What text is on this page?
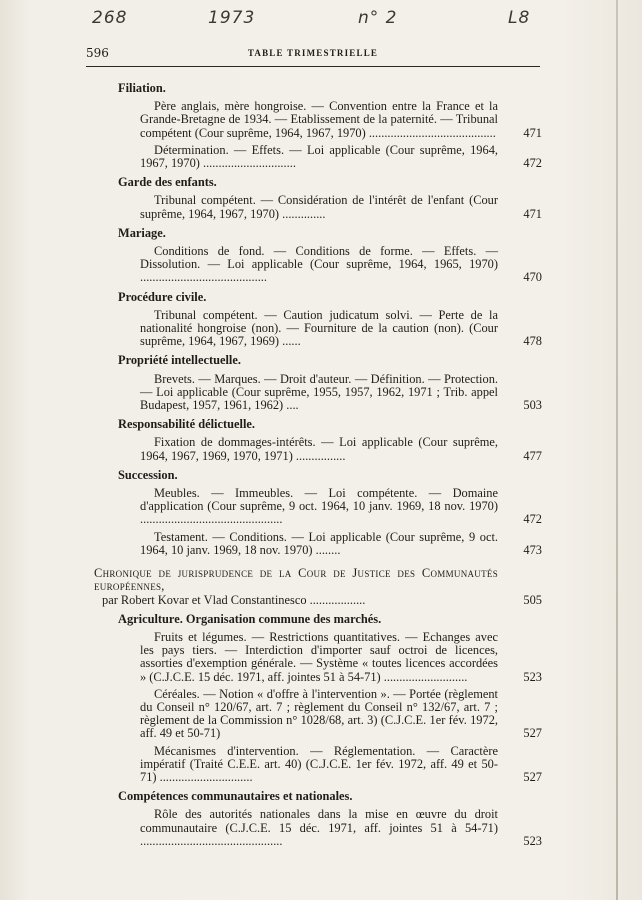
268	1973	n° 2	L8
596	TABLE TRIMESTRIELLE
Filiation.
Père anglais, mère hongroise. — Convention entre la France et la Grande-Bretagne de 1934. — Etablissement de la paternité. — Tribunal compétent (Cour suprême, 1964, 1967, 1970) .........................................	471
Détermination. — Effets. — Loi applicable (Cour suprême, 1964, 1967, 1970) ..............................	472
Garde des enfants.
Tribunal compétent. — Considération de l'intérêt de l'enfant (Cour suprême, 1964, 1967, 1970) ..............	471
Mariage.
Conditions de fond. — Conditions de forme. — Effets. — Dissolution. — Loi applicable (Cour suprême, 1964, 1965, 1970) .........................................	470
Procédure civile.
Tribunal compétent. — Caution judicatum solvi. — Perte de la nationalité hongroise (non). — Fourniture de la caution (non). (Cour suprême, 1964, 1967, 1969) ......	478
Propriété intellectuelle.
Brevets. — Marques. — Droit d'auteur. — Définition. — Protection. — Loi applicable (Cour suprême, 1955, 1957, 1962, 1971 ; Trib. appel Budapest, 1957, 1961, 1962) ....	503
Responsabilité délictuelle.
Fixation de dommages-intérêts. — Loi applicable (Cour suprême, 1964, 1967, 1969, 1970, 1971) ................	477
Succession.
Meubles. — Immeubles. — Loi compétente. — Domaine d'application (Cour suprême, 9 oct. 1964, 10 janv. 1969, 18 nov. 1970) ..............................................	472
Testament. — Conditions. — Loi applicable (Cour suprême, 9 oct. 1964, 10 janv. 1969, 18 nov. 1970) ........	473
Chronique de jurisprudence de la Cour de Justice des Communautés européennes,
par Robert Kovar et Vlad Constantinesco ..................	505
Agriculture. Organisation commune des marchés.
Fruits et légumes. — Restrictions quantitatives. — Echanges avec les pays tiers. — Interdiction d'importer sauf octroi de licences, assorties d'exemption générale. — Système « toutes licences accordées » (C.J.C.E. 15 déc. 1971, aff. jointes 51 à 54-71) ...........................	523
Céréales. — Notion « d'offre à l'intervention ». — Portée (règlement du Conseil n° 120/67, art. 7 ; règlement du Conseil n° 132/67, art. 7 ; règlement de la Commission n° 1028/68, art. 3) (C.J.C.E. 1er fév. 1972, aff. 49 et 50-71)	527
Mécanismes d'intervention. — Réglementation. — Caractère impératif (Traité C.E.E. art. 40) (C.J.C.E. 1er fév. 1972, aff. 49 et 50-71) ..............................	527
Compétences communautaires et nationales.
Rôle des autorités nationales dans la mise en œuvre du droit communautaire (C.J.C.E. 15 déc. 1971, aff. jointes 51 à 54-71) ..............................................	523
